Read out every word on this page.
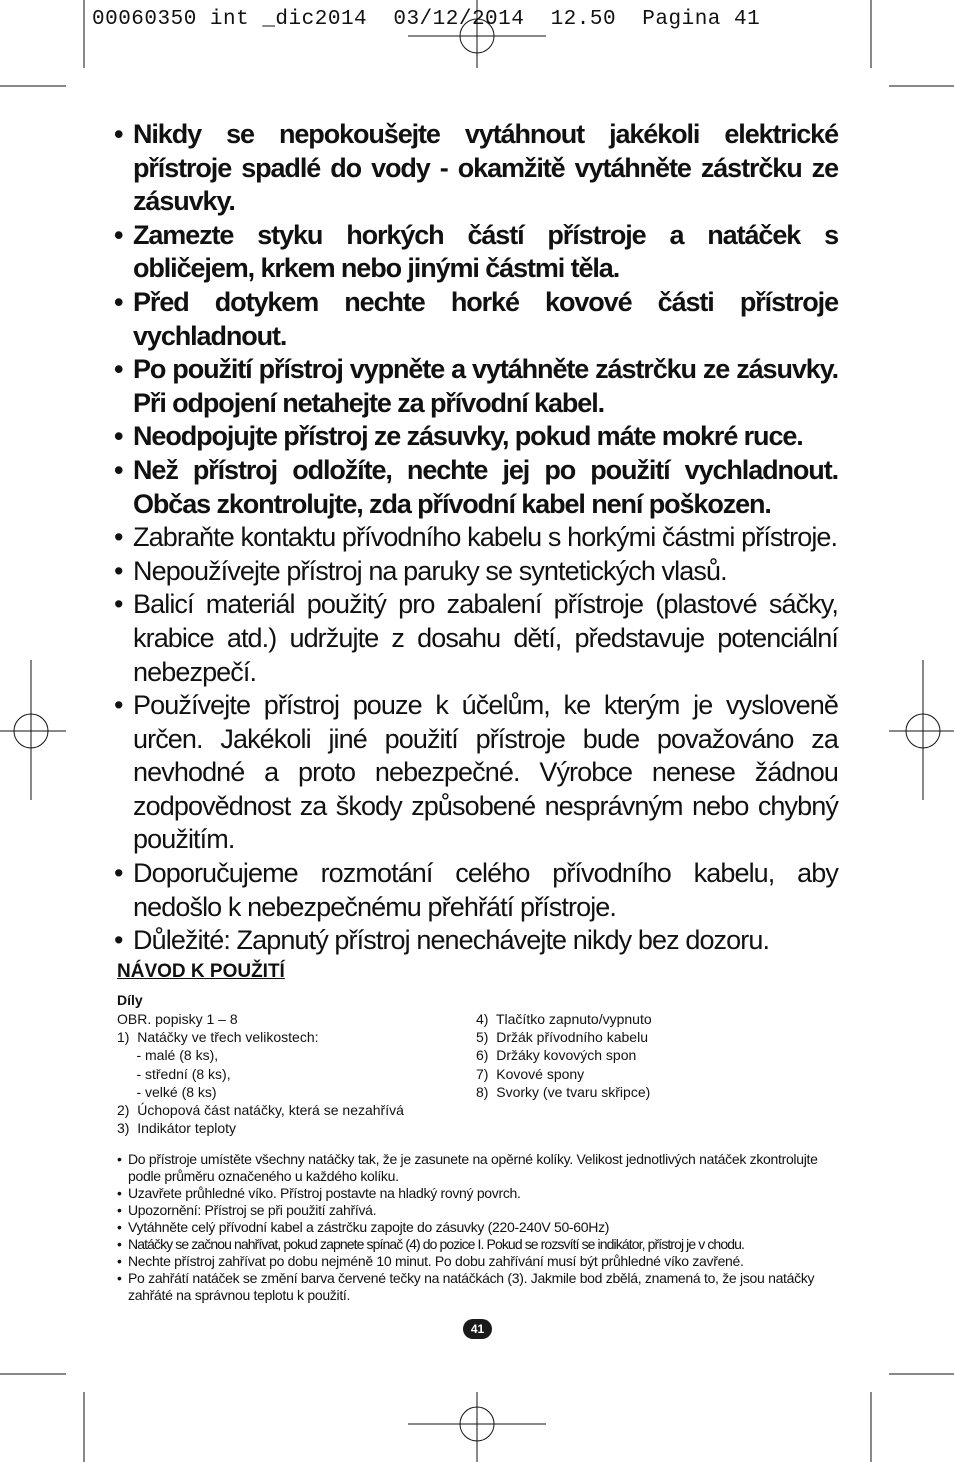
00060350 int _dic2014  03/12/2014  12.50  Pagina 41
• Nikdy se nepokoušejte vytáhnout jakékoli elektrické přístroje spadlé do vody - okamžitě vytáhněte zástrčku ze zásuvky.
• Zamezte styku horkých částí přístroje a natáček s obličejem, krkem nebo jinými částmi těla.
• Před dotykem nechte horké kovové části přístroje vychladnout.
• Po použití přístroj vypněte a vytáhněte zástrčku ze zásuvky. Při odpojení netahejte za přívodní kabel.
• Neodpojujte přístroj ze zásuvky, pokud máte mokré ruce.
• Než přístroj odložíte, nechte jej po použití vychladnout. Občas zkontrolujte, zda přívodní kabel není poškozen.
• Zabraňte kontaktu přívodního kabelu s horkými částmi přístroje.
• Nepoužívejte přístroj na paruky se syntetických vlasů.
• Balicí materiál použitý pro zabalení přístroje (plastové sáčky, krabice atd.) udržujte z dosahu dětí, představuje potenciální nebezpečí.
• Používejte přístroj pouze k účelům, ke kterým je vysloveně určen. Jakékoli jiné použití přístroje bude považováno za nevhodné a proto nebezpečné. Výrobce nenese žádnou zodpovědnost za škody způsobené nesprávným nebo chybný použitím.
• Doporučujeme rozmotání celého přívodního kabelu, aby nedošlo k nebezpečnému přehřátí přístroje.
• Důležité: Zapnutý přístroj nenechávejte nikdy bez dozoru.
NÁVOD K POUŽITÍ
Díly
OBR. popisky 1 – 8
1)  Natáčky ve třech velikostech:
- malé (8 ks),
- střední (8 ks),
- velké (8 ks)
2)  Úchopová část natáčky, která se nezahřívá
3)  Indikátor teploty
4)  Tlačítko zapnuto/vypnuto
5)  Držák přívodního kabelu
6)  Držáky kovových spon
7)  Kovové spony
8)  Svorky (ve tvaru skřipce)
• Do přístroje umístěte všechny natáčky tak, že je zasunete na opěrné kolíky. Velikost jednotlivých natáček zkontrolujte podle průměru označeného u každého kolíku.
• Uzavřete průhledné víko. Přístroj postavte na hladký rovný povrch.
• Upozornění: Přístroj se při použití zahřívá.
• Vytáhněte celý přívodní kabel a zástrčku zapojte do zásuvky (220-240V 50-60Hz)
• Natáčky se začnou nahřívat, pokud zapnete spínač (4) do pozice I. Pokud se rozsvítí se indikátor, přístroj je v chodu.
• Nechte přístroj zahřívat po dobu nejméně 10 minut. Po dobu zahřívání musí být průhledné víko zavřené.
• Po zahřátí natáček se změní barva červené tečky na natáčkách (3). Jakmile bod zbělá, znamená to, že jsou natáčky zahřáté na správnou teplotu k použití.
41
